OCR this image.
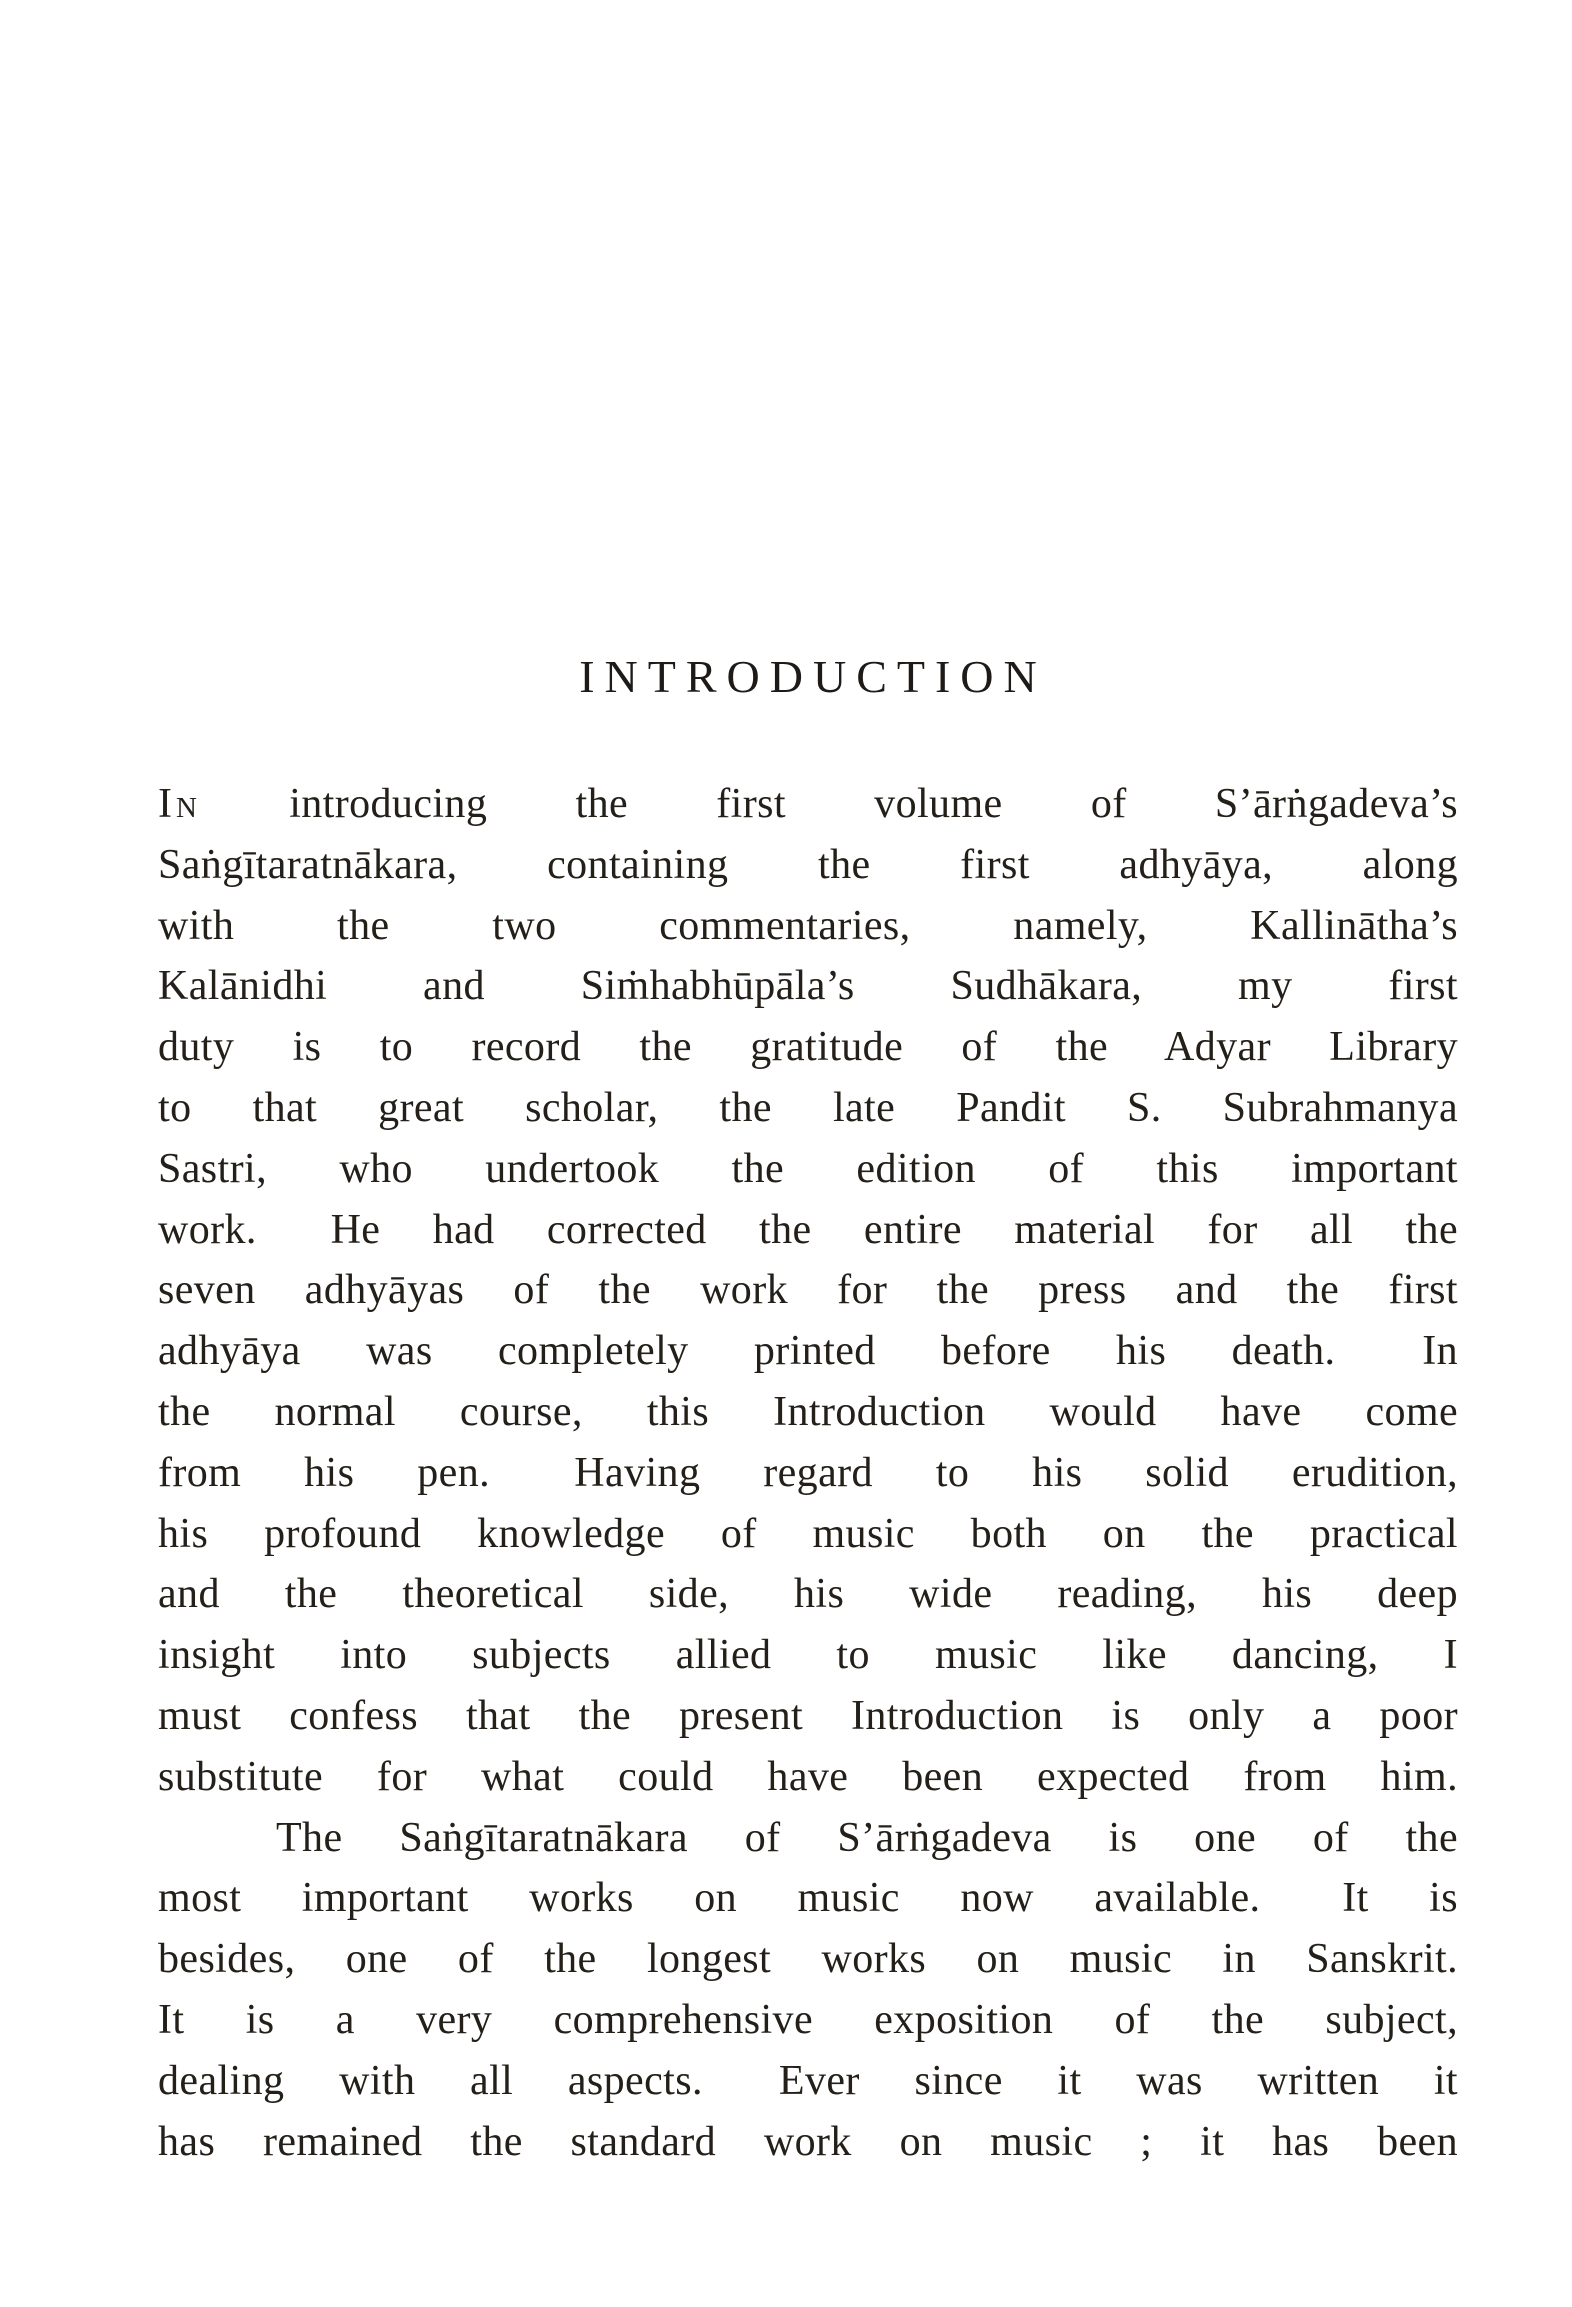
INTRODUCTION
In introducing the first volume of S’ārṅgadeva’s
Saṅgītaratnākara, containing the first adhyāya, along
with the two commentaries, namely, Kallinātha’s
Kalānidhi and Siṁhabhūpāla’s Sudhākara, my first
duty is to record the gratitude of the Adyar Library
to that great scholar, the late Pandit S. Subrahmanya
Sastri, who undertook the edition of this important
work.  He had corrected the entire material for all the
seven adhyāyas of the work for the press and the first
adhyāya was completely printed before his death.  In
the normal course, this Introduction would have come
from his pen.  Having regard to his solid erudition,
his profound knowledge of music both on the practical
and the theoretical side, his wide reading, his deep
insight into subjects allied to music like dancing, I
must confess that the present Introduction is only a poor
substitute for what could have been expected from him.
The Saṅgītaratnākara of S’ārṅgadeva is one of the
most important works on music now available.  It is
besides, one of the longest works on music in Sanskrit.
It is a very comprehensive exposition of the subject,
dealing with all aspects.  Ever since it was written it
has remained the standard work on music ; it has been
